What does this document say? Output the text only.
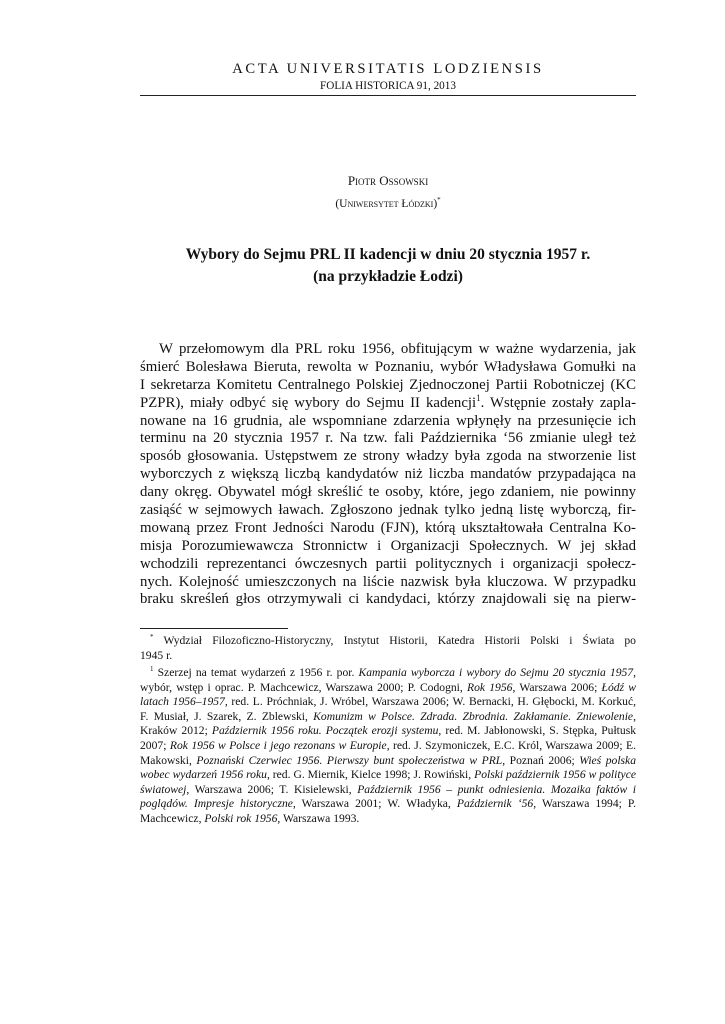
ACTA UNIVERSITATIS LODZIENSIS
FOLIA HISTORICA 91, 2013
Piotr Ossowski
(Uniwersytet Łódzki)*
Wybory do Sejmu PRL II kadencji w dniu 20 stycznia 1957 r.
(na przykładzie Łodzi)
W przełomowym dla PRL roku 1956, obfitującym w ważne wydarzenia, jak
śmierć Bolesława Bieruta, rewolta w Poznaniu, wybór Władysława Gomułki na
I sekretarza Komitetu Centralnego Polskiej Zjednoczonej Partii Robotniczej (KC
PZPR), miały odbyć się wybory do Sejmu II kadencji$^1$. Wstępnie zostały zapla-
nowane na 16 grudnia, ale wspomniane zdarzenia wpłynęły na przesunięcie ich
terminu na 20 stycznia 1957 r. Na tzw. fali Października ‘56 zmianie uległ też
sposób głosowania. Ustępstwem ze strony władzy była zgoda na stworzenie list
wyborczych z większą liczbą kandydatów niż liczba mandatów przypadająca na
dany okręg. Obywatel mógł skreślić te osoby, które, jego zdaniem, nie powinny
zasiąść w sejmowych ławach. Zgłoszono jednak tylko jedną listę wyborczą, fir-
mowaną przez Front Jedności Narodu (FJN), którą ukształtowała Centralna Ko-
misja Porozumiewawcza Stronnictw i Organizacji Społecznych. W jej skład
wchodzili reprezentanci ówczesnych partii politycznych i organizacji społecz-
nych. Kolejność umieszczonych na liście nazwisk była kluczowa. W przypadku
braku skreśleń głos otrzymywali ci kandydaci, którzy znajdowali się na pierw-
* Wydział Filozoficzno-Historyczny, Instytut Historii, Katedra Historii Polski i Świata po
1945 r.
$^1$ Szerzej na temat wydarzeń z 1956 r. por. Kampania wyborcza i wybory do Sejmu 20 stycznia 1957, wybór, wstęp i oprac. P. Machcewicz, Warszawa 2000; P. Codogni, Rok 1956, Warszawa 2006; Łódź w latach 1956–1957, red. L. Próchniak, J. Wróbel, Warszawa 2006; W. Bernacki, H. Głębocki, M. Korkuć, F. Musiał, J. Szarek, Z. Zblewski, Komunizm w Polsce. Zdrada. Zbrodnia. Zakłamanie. Zniewolenie, Kraków 2012; Październik 1956 roku. Początek erozji systemu, red. M. Jabłonowski, S. Stępka, Pułtusk 2007; Rok 1956 w Polsce i jego rezonans w Europie, red. J. Szymoniczek, E.C. Król, Warszawa 2009; E. Makowski, Poznański Czerwiec 1956. Pierwszy bunt społeczeństwa w PRL, Poznań 2006; Wieś polska wobec wydarzeń 1956 roku, red. G. Miernik, Kielce 1998; J. Rowiński, Polski październik 1956 w polityce światowej, Warszawa 2006; T. Kisielewski, Październik 1956 – punkt odniesienia. Mozaika faktów i poglądów. Impresje historyczne, Warszawa 2001; W. Władyka, Październik ‘56, Warszawa 1994; P. Machcewicz, Polski rok 1956, Warszawa 1993.
